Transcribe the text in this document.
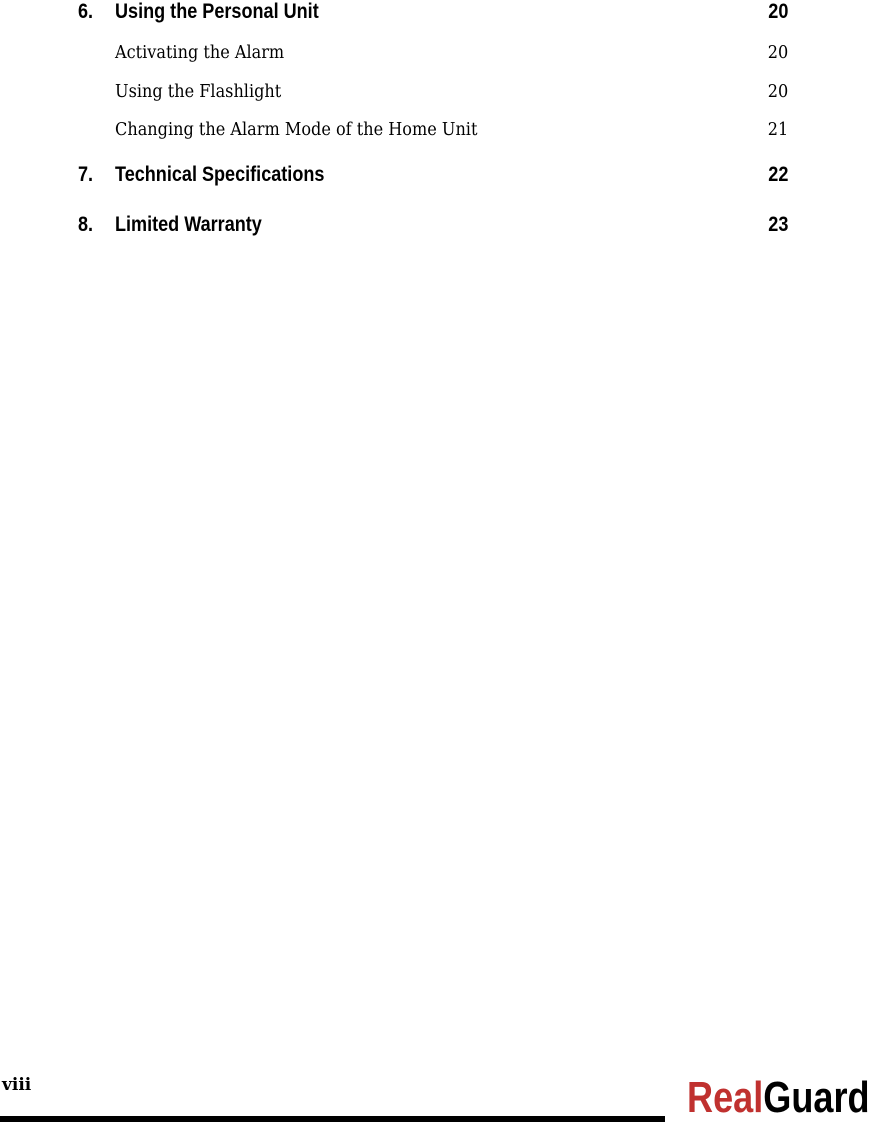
6. Using the Personal Unit	20
Activating the Alarm	20
Using the Flashlight	20
Changing the Alarm Mode of the Home Unit	21
7. Technical Specifications	22
8. Limited Warranty	23
viii	RealGuard
